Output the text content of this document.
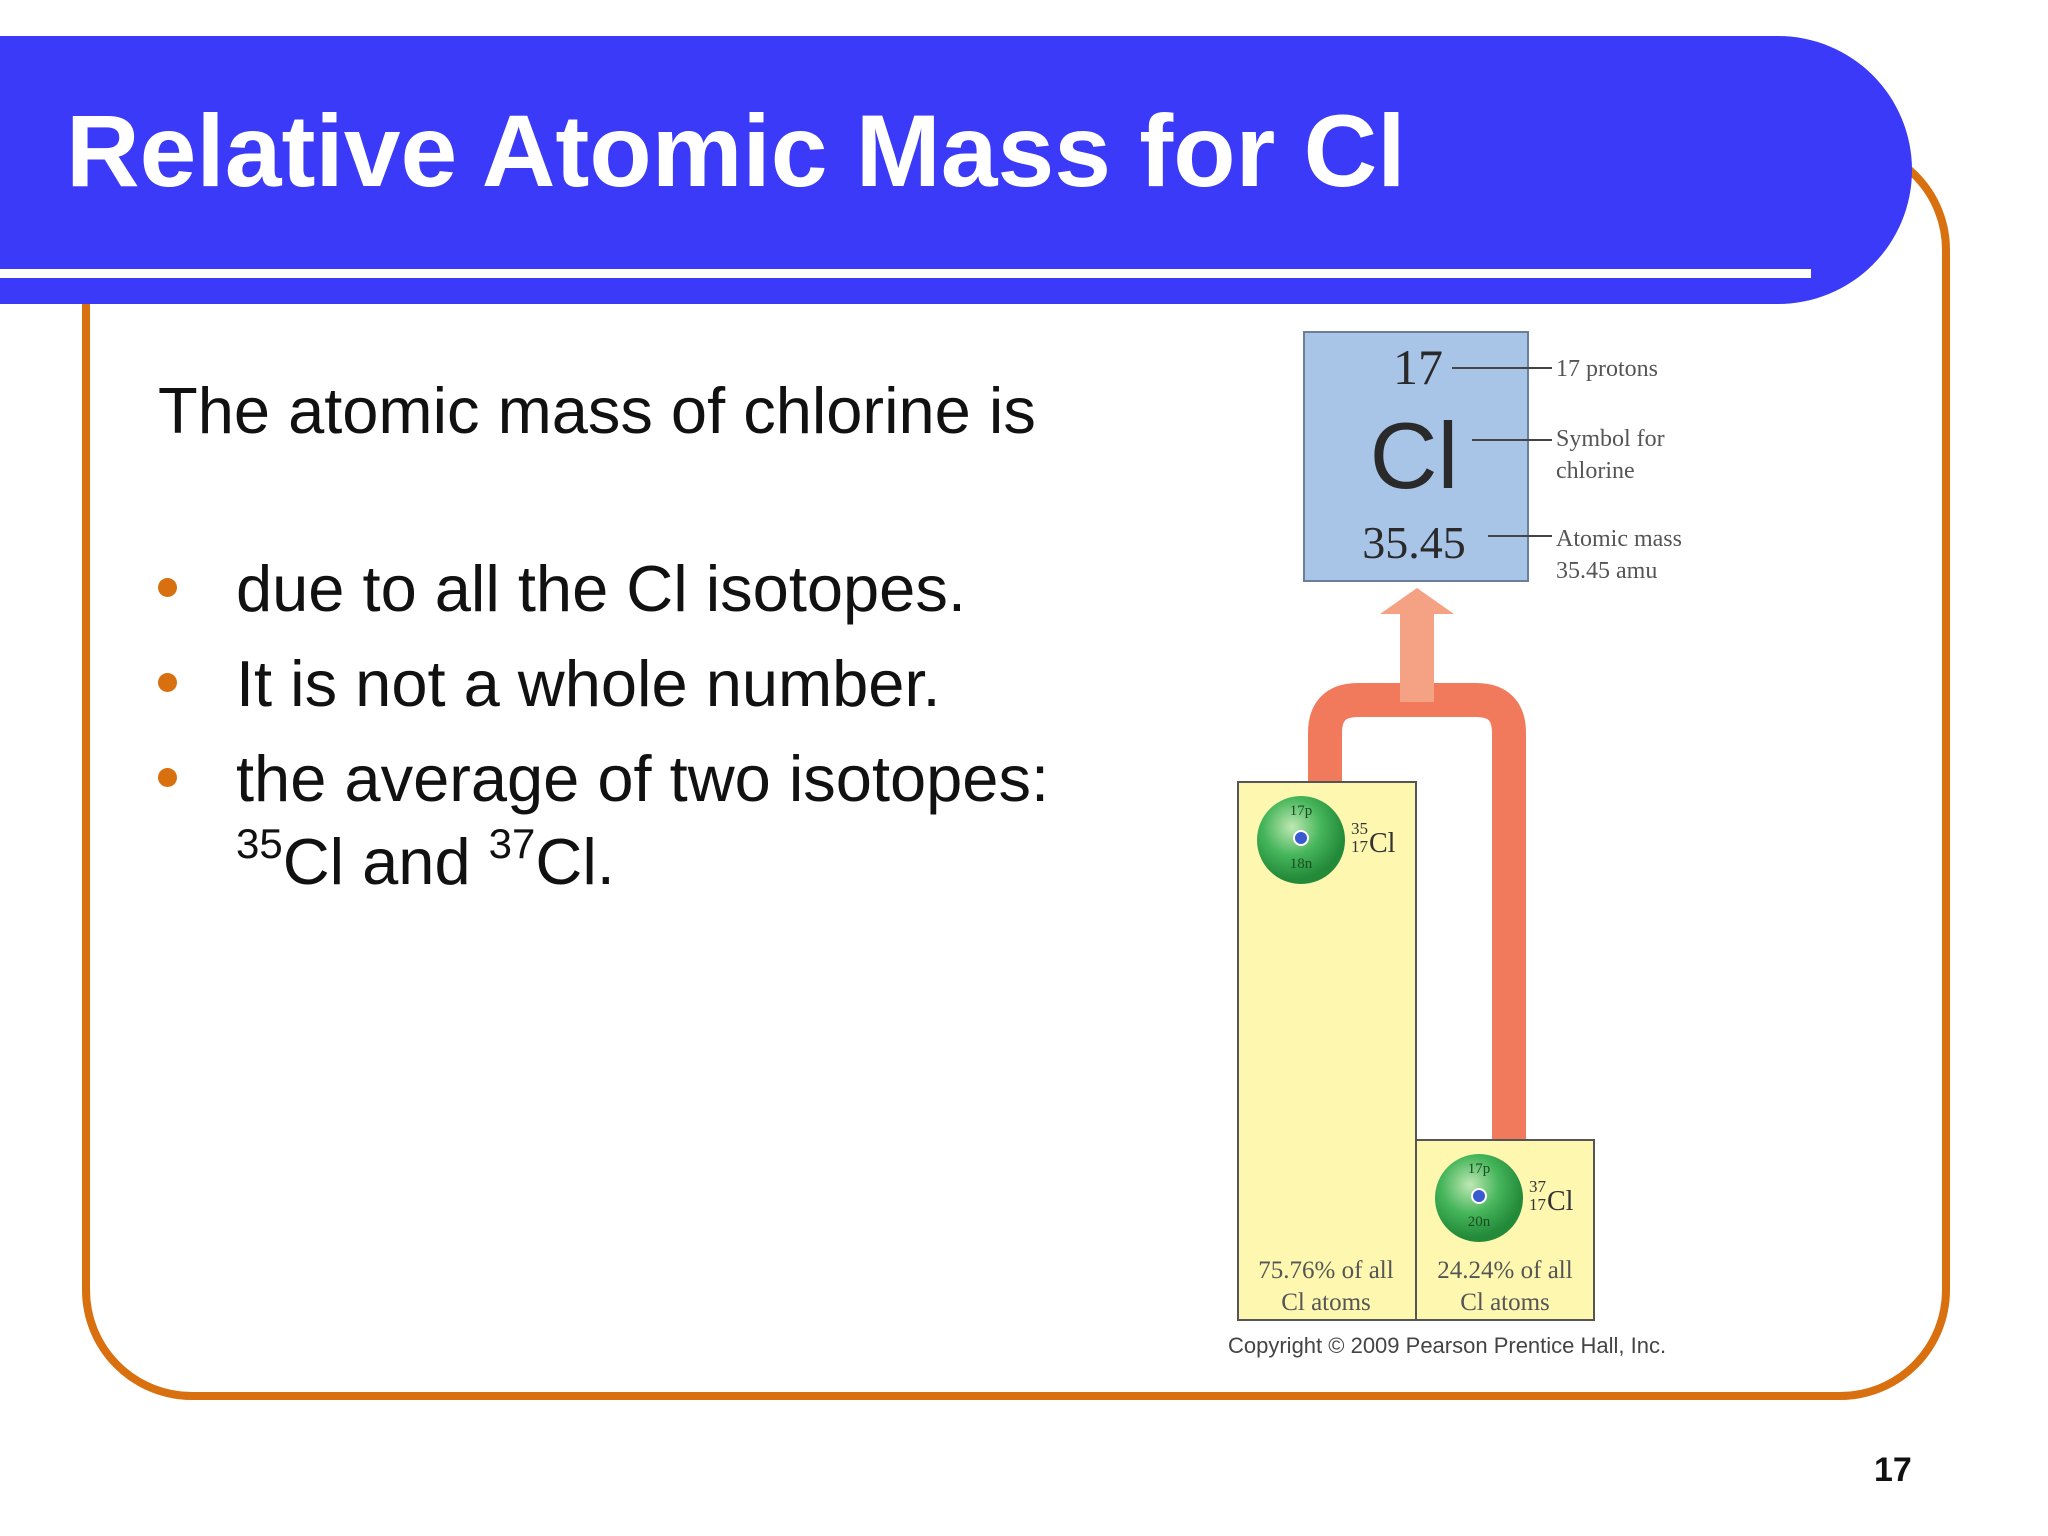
Relative Atomic Mass for Cl

The atomic mass of chlorine is

due to all the Cl isotopes.
It is not a whole number.
the average of two isotopes:
$^{35}$Cl and $^{37}$Cl.
17
Cl
35.45
17 protons
Symbol for
chlorine
Atomic mass
35.45 amu
17p
18n
35
17 Cl
75.76% of all
Cl atoms
17p
20n
37
17 Cl
24.24% of all
Cl atoms
Copyright © 2009 Pearson Prentice Hall, Inc.
17
